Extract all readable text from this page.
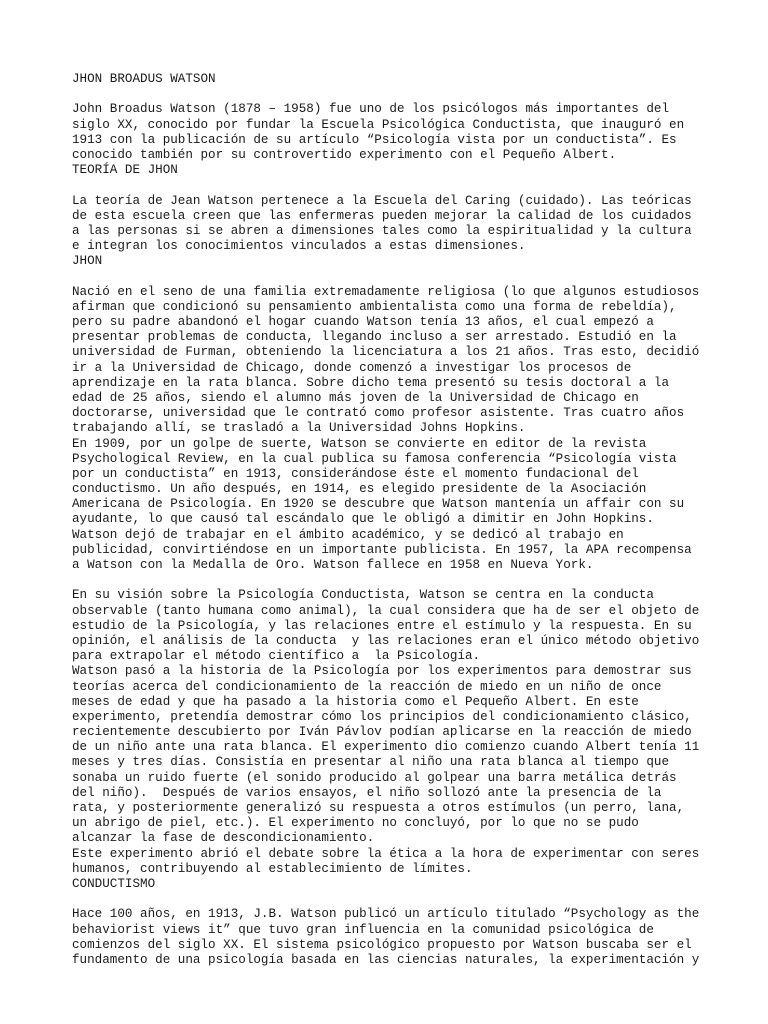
JHON BROADUS WATSON
John Broadus Watson (1878 – 1958) fue uno de los psicólogos más importantes del
siglo XX, conocido por fundar la Escuela Psicológica Conductista, que inauguró en
1913 con la publicación de su artículo “Psicología vista por un conductista”. Es
conocido también por su controvertido experimento con el Pequeño Albert.
TEORÍA DE JHON
La teoría de Jean Watson pertenece a la Escuela del Caring (cuidado). Las teóricas
de esta escuela creen que las enfermeras pueden mejorar la calidad de los cuidados
a las personas si se abren a dimensiones tales como la espiritualidad y la cultura
e integran los conocimientos vinculados a estas dimensiones.
JHON
Nació en el seno de una familia extremadamente religiosa (lo que algunos estudiosos
afirman que condicionó su pensamiento ambientalista como una forma de rebeldía),
pero su padre abandonó el hogar cuando Watson tenía 13 años, el cual empezó a
presentar problemas de conducta, llegando incluso a ser arrestado. Estudió en la
universidad de Furman, obteniendo la licenciatura a los 21 años. Tras esto, decidió
ir a la Universidad de Chicago, donde comenzó a investigar los procesos de
aprendizaje en la rata blanca. Sobre dicho tema presentó su tesis doctoral a la
edad de 25 años, siendo el alumno más joven de la Universidad de Chicago en
doctorarse, universidad que le contrató como profesor asistente. Tras cuatro años
trabajando allí, se trasladó a la Universidad Johns Hopkins.
En 1909, por un golpe de suerte, Watson se convierte en editor de la revista
Psychological Review, en la cual publica su famosa conferencia “Psicología vista
por un conductista” en 1913, considerándose éste el momento fundacional del
conductismo. Un año después, en 1914, es elegido presidente de la Asociación
Americana de Psicología. En 1920 se descubre que Watson mantenía un affair con su
ayudante, lo que causó tal escándalo que le obligó a dimitir en John Hopkins.
Watson dejó de trabajar en el ámbito académico, y se dedicó al trabajo en
publicidad, convirtiéndose en un importante publicista. En 1957, la APA recompensa
a Watson con la Medalla de Oro. Watson fallece en 1958 en Nueva York.
En su visión sobre la Psicología Conductista, Watson se centra en la conducta
observable (tanto humana como animal), la cual considera que ha de ser el objeto de
estudio de la Psicología, y las relaciones entre el estímulo y la respuesta. En su
opinión, el análisis de la conducta  y las relaciones eran el único método objetivo
para extrapolar el método científico a  la Psicología.
Watson pasó a la historia de la Psicología por los experimentos para demostrar sus
teorías acerca del condicionamiento de la reacción de miedo en un niño de once
meses de edad y que ha pasado a la historia como el Pequeño Albert. En este
experimento, pretendía demostrar cómo los principios del condicionamiento clásico,
recientemente descubierto por Iván Pávlov podían aplicarse en la reacción de miedo
de un niño ante una rata blanca. El experimento dio comienzo cuando Albert tenía 11
meses y tres días. Consistía en presentar al niño una rata blanca al tiempo que
sonaba un ruido fuerte (el sonido producido al golpear una barra metálica detrás
del niño).  Después de varios ensayos, el niño sollozó ante la presencia de la
rata, y posteriormente generalizó su respuesta a otros estímulos (un perro, lana,
un abrigo de piel, etc.). El experimento no concluyó, por lo que no se pudo
alcanzar la fase de descondicionamiento.
Este experimento abrió el debate sobre la ética a la hora de experimentar con seres
humanos, contribuyendo al establecimiento de límites.
CONDUCTISMO
Hace 100 años, en 1913, J.B. Watson publicó un artículo titulado “Psychology as the
behaviorist views it” que tuvo gran influencia en la comunidad psicológica de
comienzos del siglo XX. El sistema psicológico propuesto por Watson buscaba ser el
fundamento de una psicología basada en las ciencias naturales, la experimentación y
